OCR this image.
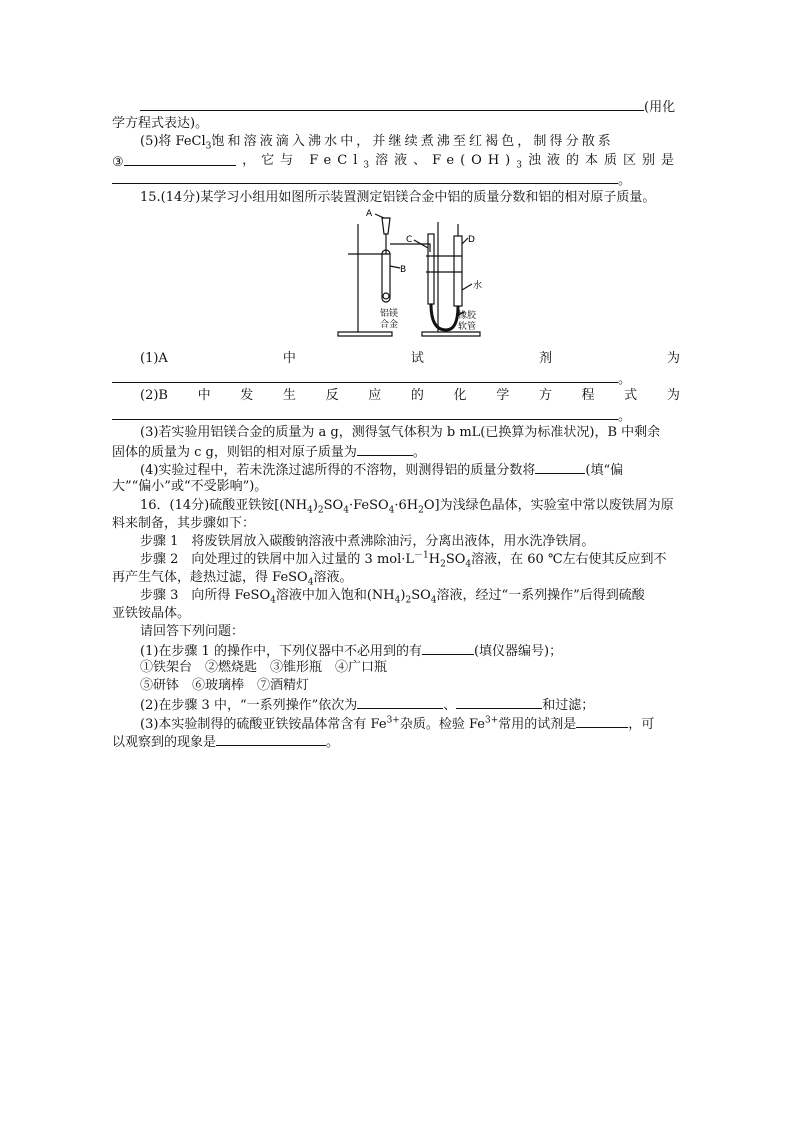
(用化
学方程式表达)。
(5)将 FeCl$_3$饱和溶液滴入沸水中，并继续煮沸至红褐色，制得分散系
③	，它与 FeCl$_3$溶液、$Fe(OH)_3$浊液的本质区别是
。
15.(14分)某学习小组用如图所示装置测定铝镁合金中铝的质量分数和铝的相对原子质量。
A
B
C	D
水
铝镁
合金
橡胶
软管
(1)A	中	试	剂	为
。
(2)B 中 发 生 反 应 的 化 学 方 程 式 为
。
(3)若实验用铝镁合金的质量为 a g，测得氢气体积为 b mL(已换算为标准状况)，B 中剩余
固体的质量为 c g，则铝的相对原子质量为	。
(4)实验过程中，若未洗涤过滤所得的不溶物，则测得铝的质量分数将	(填“偏
大”“偏小”或“不受影响”)。
16．(14分)硫酸亚铁铵$[(NH_4)_2SO_4\cdot FeSO_4\cdot 6H_2O]$为浅绿色晶体，实验室中常以废铁屑为原
料来制备，其步骤如下：
步骤 1　将废铁屑放入碳酸钠溶液中煮沸除油污，分离出液体，用水洗净铁屑。
步骤 2　向处理过的铁屑中加入过量的 3 $mol\cdot L^{-1}H_2SO_4$溶液，在 60 ℃左右使其反应到不
再产生气体，趁热过滤，得 FeSO$_4$溶液。
步骤 3　向所得 FeSO$_4$溶液中加入饱和$(NH_4)_2SO_4$溶液，经过“一系列操作”后得到硫酸
亚铁铵晶体。
请回答下列问题：
(1)在步骤 1 的操作中，下列仪器中不必用到的有	(填仪器编号)；
①铁架台　②燃烧匙　③锥形瓶　④广口瓶
⑤研钵　⑥玻璃棒　⑦酒精灯
(2)在步骤 3 中，“一系列操作”依次为	、	和过滤；
(3)本实验制得的硫酸亚铁铵晶体常含有 $Fe^{3+}$杂质。检验 $Fe^{3+}$常用的试剂是	，可
以观察到的现象是	。
